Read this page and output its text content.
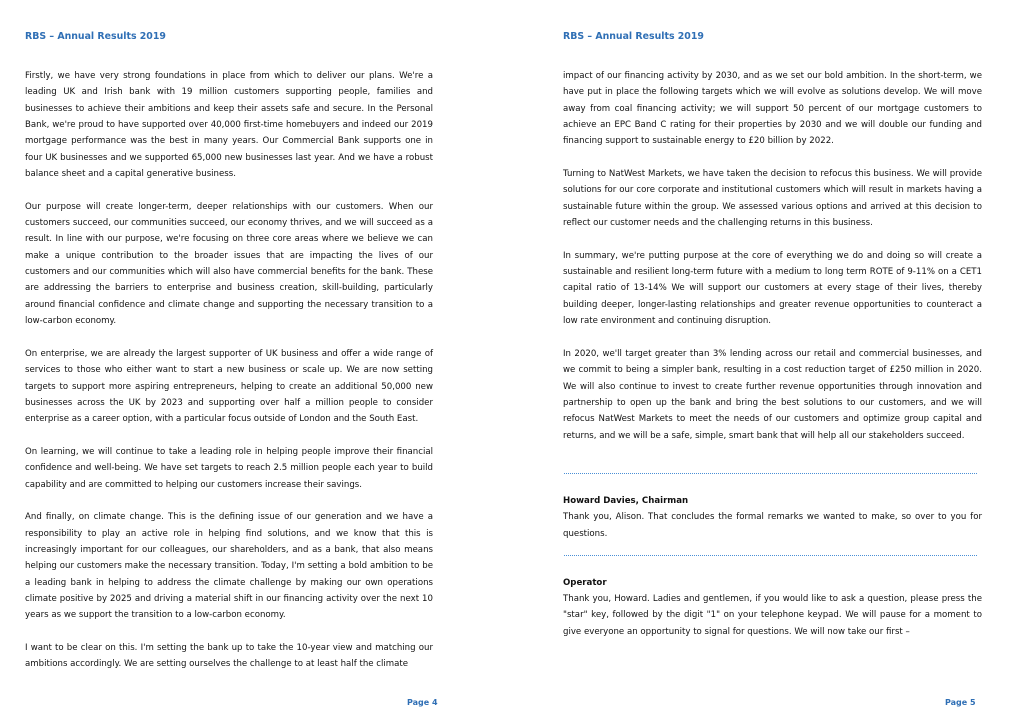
RBS – Annual Results 2019

Firstly, we have very strong foundations in place from which to deliver our plans. We're a leading UK and Irish bank with 19 million customers supporting people, families and businesses to achieve their ambitions and keep their assets safe and secure. In the Personal Bank, we're proud to have supported over 40,000 first-time homebuyers and indeed our 2019 mortgage performance was the best in many years. Our Commercial Bank supports one in four UK businesses and we supported 65,000 new businesses last year. And we have a robust balance sheet and a capital generative business.

Our purpose will create longer-term, deeper relationships with our customers. When our customers succeed, our communities succeed, our economy thrives, and we will succeed as a result. In line with our purpose, we're focusing on three core areas where we believe we can make a unique contribution to the broader issues that are impacting the lives of our customers and our communities which will also have commercial benefits for the bank. These are addressing the barriers to enterprise and business creation, skill-building, particularly around financial confidence and climate change and supporting the necessary transition to a low-carbon economy.

On enterprise, we are already the largest supporter of UK business and offer a wide range of services to those who either want to start a new business or scale up. We are now setting targets to support more aspiring entrepreneurs, helping to create an additional 50,000 new businesses across the UK by 2023 and supporting over half a million people to consider enterprise as a career option, with a particular focus outside of London and the South East.

On learning, we will continue to take a leading role in helping people improve their financial confidence and well-being. We have set targets to reach 2.5 million people each year to build capability and are committed to helping our customers increase their savings.

And finally, on climate change. This is the defining issue of our generation and we have a responsibility to play an active role in helping find solutions, and we know that this is increasingly important for our colleagues, our shareholders, and as a bank, that also means helping our customers make the necessary transition. Today, I'm setting a bold ambition to be a leading bank in helping to address the climate challenge by making our own operations climate positive by 2025 and driving a material shift in our financing activity over the next 10 years as we support the transition to a low-carbon economy.

I want to be clear on this. I'm setting the bank up to take the 10-year view and matching our ambitions accordingly. We are setting ourselves the challenge to at least half the climate

Page 4
RBS – Annual Results 2019

impact of our financing activity by 2030, and as we set our bold ambition. In the short-term, we have put in place the following targets which we will evolve as solutions develop. We will move away from coal financing activity; we will support 50 percent of our mortgage customers to achieve an EPC Band C rating for their properties by 2030 and we will double our funding and financing support to sustainable energy to £20 billion by 2022.

Turning to NatWest Markets, we have taken the decision to refocus this business. We will provide solutions for our core corporate and institutional customers which will result in markets having a sustainable future within the group. We assessed various options and arrived at this decision to reflect our customer needs and the challenging returns in this business.

In summary, we're putting purpose at the core of everything we do and doing so will create a sustainable and resilient long-term future with a medium to long term ROTE of 9-11% on a CET1 capital ratio of 13-14% We will support our customers at every stage of their lives, thereby building deeper, longer-lasting relationships and greater revenue opportunities to counteract a low rate environment and continuing disruption.

In 2020, we'll target greater than 3% lending across our retail and commercial businesses, and we commit to being a simpler bank, resulting in a cost reduction target of £250 million in 2020. We will also continue to invest to create further revenue opportunities through innovation and partnership to open up the bank and bring the best solutions to our customers, and we will refocus NatWest Markets to meet the needs of our customers and optimize group capital and returns, and we will be a safe, simple, smart bank that will help all our stakeholders succeed.

Howard Davies, Chairman

Thank you, Alison. That concludes the formal remarks we wanted to make, so over to you for questions.

Operator

Thank you, Howard. Ladies and gentlemen, if you would like to ask a question, please press the "star" key, followed by the digit "1" on your telephone keypad. We will pause for a moment to give everyone an opportunity to signal for questions. We will now take our first –

Page 5
